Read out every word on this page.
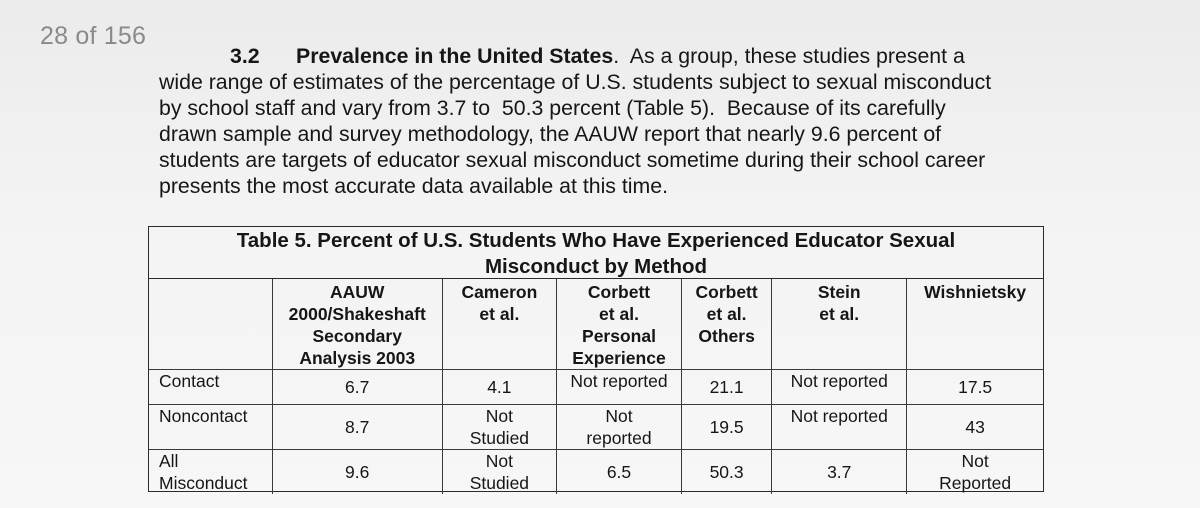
28 of 156
3.2 Prevalence in the United States.  As a group, these studies present a
wide range of estimates of the percentage of U.S. students subject to sexual misconduct
by school staff and vary from 3.7 to  50.3 percent (Table 5).  Because of its carefully
drawn sample and survey methodology, the AAUW report that nearly 9.6 percent of
students are targets of educator sexual misconduct sometime during their school career
presents the most accurate data available at this time.
Table 5. Percent of U.S. Students Who Have Experienced Educator Sexual
Misconduct by Method

	AAUW
2000/Shakeshaft
Secondary
Analysis 2003	Cameron
et al.	Corbett
et al.
Personal
Experience	Corbett
et al.
Others	Stein
et al.	Wishnietsky

Contact	6.7	4.1	Not reported	21.1	Not reported	17.5

Noncontact	8.7	Not
Studied	Not
reported	19.5	Not reported	43

All
Misconduct	9.6	Not
Studied	6.5	50.3	3.7	Not
Reported
